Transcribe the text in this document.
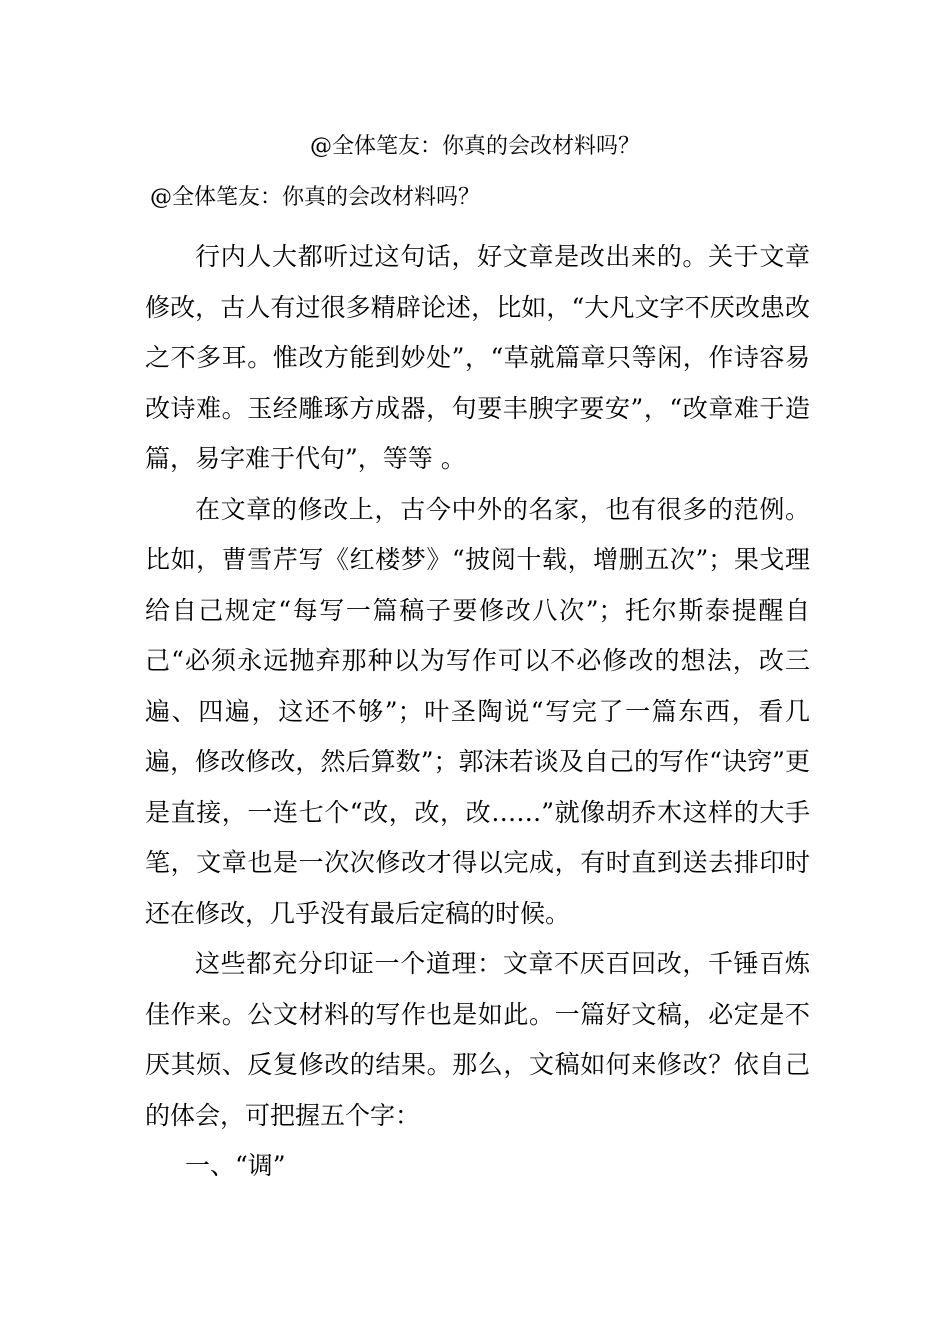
@全体笔友：你真的会改材料吗？
@全体笔友：你真的会改材料吗？

行内人大都听过这句话，好文章是改出来的。关于文章修改，古人有过很多精辟论述，比如，“大凡文字不厌改患改之不多耳。惟改方能到妙处”，“草就篇章只等闲，作诗容易改诗难。玉经雕琢方成器，句要丰腴字要安”，“改章难于造篇，易字难于代句”，等等 。

在文章的修改上，古今中外的名家，也有很多的范例。比如，曹雪芹写《红楼梦》“披阅十载，增删五次”；果戈理给自己规定“每写一篇稿子要修改八次”；托尔斯泰提醒自己“必须永远抛弃那种以为写作可以不必修改的想法，改三遍、四遍，这还不够”；叶圣陶说“写完了一篇东西，看几遍，修改修改，然后算数”；郭沫若谈及自己的写作“诀窍”更是直接，一连七个“改，改，改……”就像胡乔木这样的大手笔，文章也是一次次修改才得以完成，有时直到送去排印时还在修改，几乎没有最后定稿的时候。

这些都充分印证一个道理：文章不厌百回改，千锤百炼佳作来。公文材料的写作也是如此。一篇好文稿，必定是不厌其烦、反复修改的结果。那么，文稿如何来修改？依自己的体会，可把握五个字：

一、“调”
